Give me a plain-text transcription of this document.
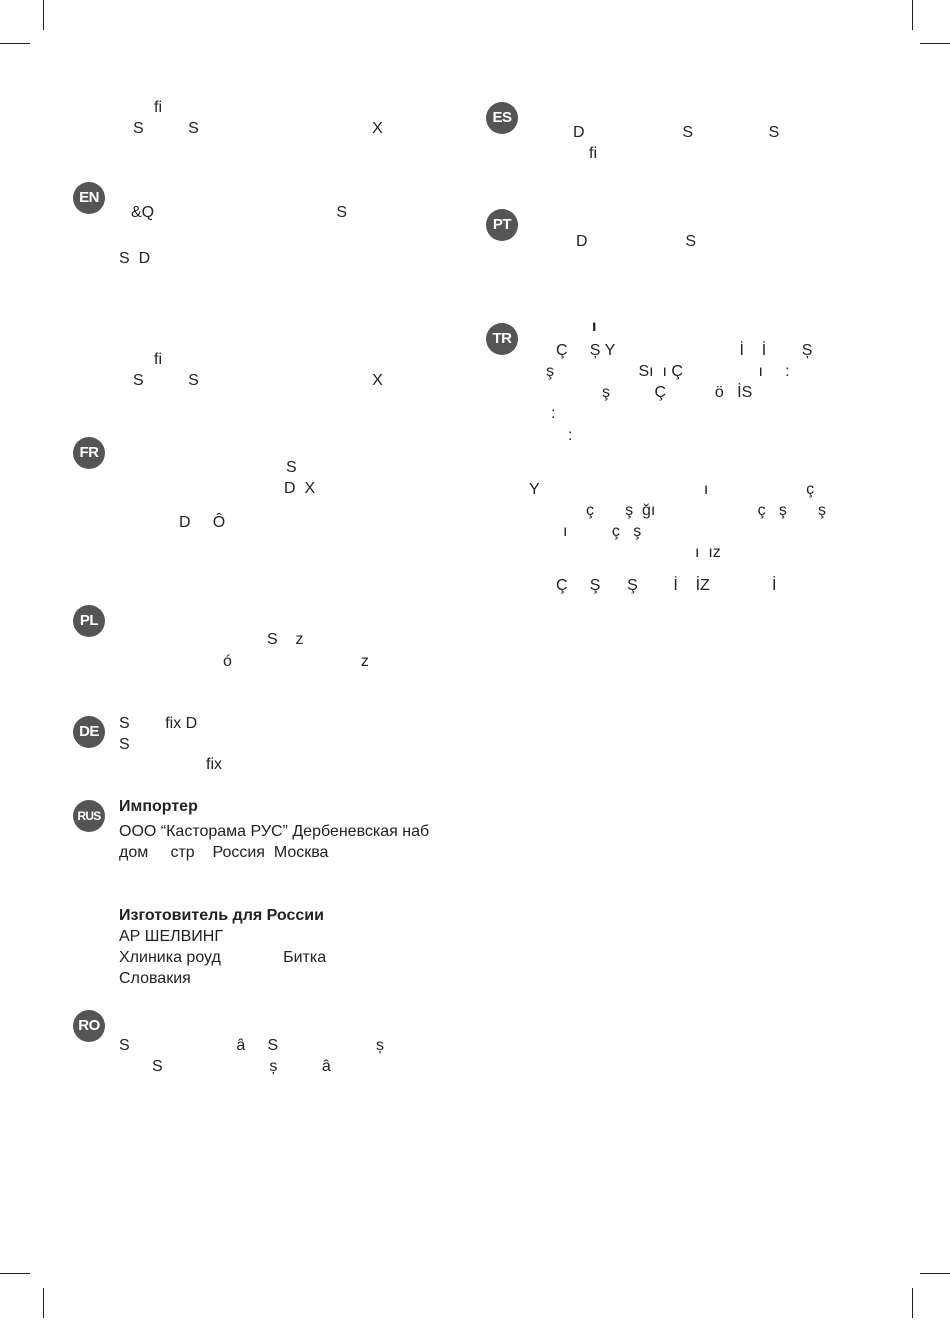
fi
S          S                                       X
EN
&Q                                         S
S  D
fi
S          S                                       X
FR
S
D  X
D     Ô
PL
S    z
ó                             z
DE	S        fix D
S
fix
RUS
Импортер
ООО “Касторама РУС” Дербеневская наб
дом     стр    Россия  Москва
Изготовитель для России
АР ШЕЛВИНГ
Хлиника роуд              Битка
Словакия
RO
S                        â     S                      ș
S                        ș          â
ES
D                      S                 S
fi
PT
D                      S
TR
ı
Ç     Ș Y                            İ    İ        Ș
ş                   Sı  ı Ç                 ı     :
ş          Ç           ö   İS
:
:
Y                                     ı                      ç
ç       ş  ğı                       ç   ş       ş
ı          ç   ş
ı  ız
Ç     Ş      Ş        İ    İZ              İ
